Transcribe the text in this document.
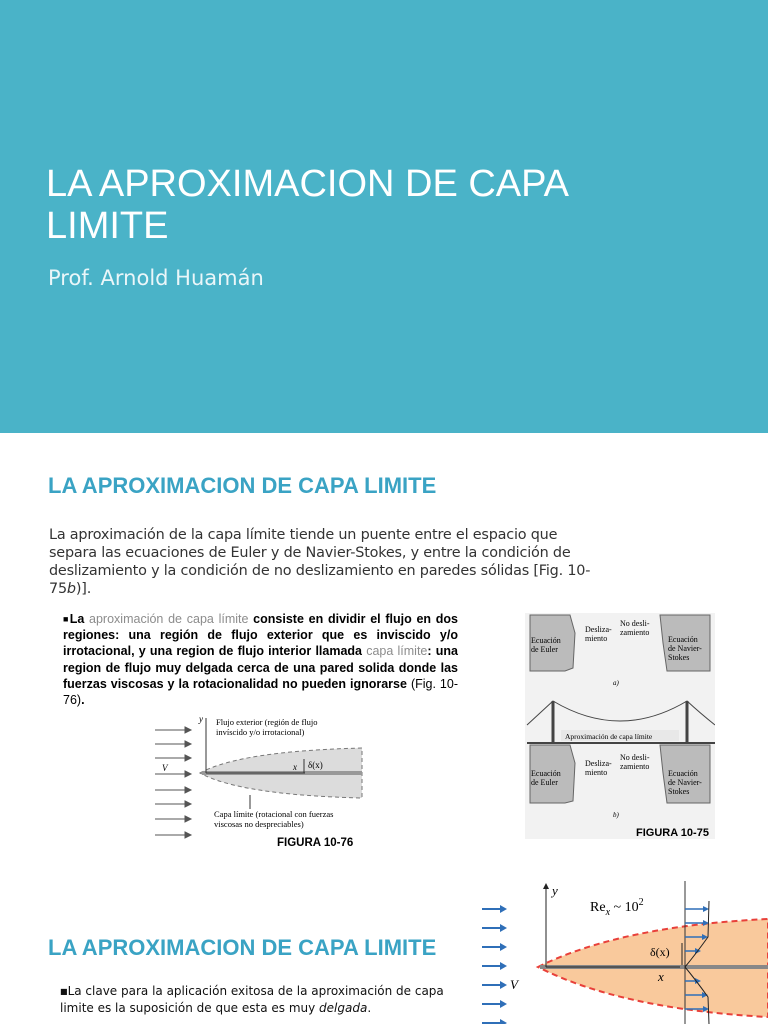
LA APROXIMACION DE CAPA LIMITE
Prof. Arnold Huamán
LA APROXIMACION DE CAPA LIMITE
La aproximación de la capa límite tiende un puente entre el espacio que separa las ecuaciones de Euler y de Navier-Stokes, y entre la condición de deslizamiento y la condición de no deslizamiento en paredes sólidas [Fig. 10-75b)].
■La aproximación de capa límite consiste en dividir el flujo en dos regiones: una región de flujo exterior que es inviscido y/o irrotacional, y una region de flujo interior llamada capa límite: una region de flujo muy delgada cerca de una pared solida donde las fuerzas viscosas y la rotacionalidad no pueden ignorarse (Fig. 10-76).
y
x
V	δ(x)
Flujo exterior (región de flujo
invíscido y/o irrotacional)
Capa límite (rotacional con fuerzas
viscosas no despreciables)
FIGURA 10-76
Ecuación
de Euler
Desliza-
miento
No desli-
zamiento
Ecuación
de Navier-
Stokes
a)
Aproximación de capa límite
Ecuación
de Euler
Desliza-
miento
No desli-
zamiento
Ecuación
de Navier-
Stokes
b)
FIGURA 10-75
LA APROXIMACION DE CAPA LIMITE
■La clave para la aplicación exitosa de la aproximación de capa limite es la suposición de que esta es muy delgada.
y
x
V
$Re_x$ ~ $10^2$
δ(x)
